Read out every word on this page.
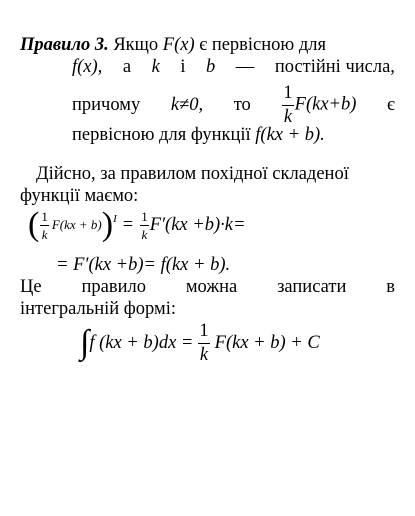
Правило 3. Якщо F(x) є первісною для
f(x), а k і b — постійні числа,
причому k≠0, то $\frac{1}{k} F(kx+b)$ є
первісною для функції f(kx + b).
Дійсно, за правилом похідної складеної
функції маємо:
( $\frac{1}{k} F(kx + b)$ ) $I = \frac{1}{k} F'(kx +b)\cdot k=$
= F′(kx +b)= f(kx + b).
Це правило можна записати в
інтегральній формі:
∫ f $(kx + b)dx = \frac{1}{k} F(kx + b) + C$
